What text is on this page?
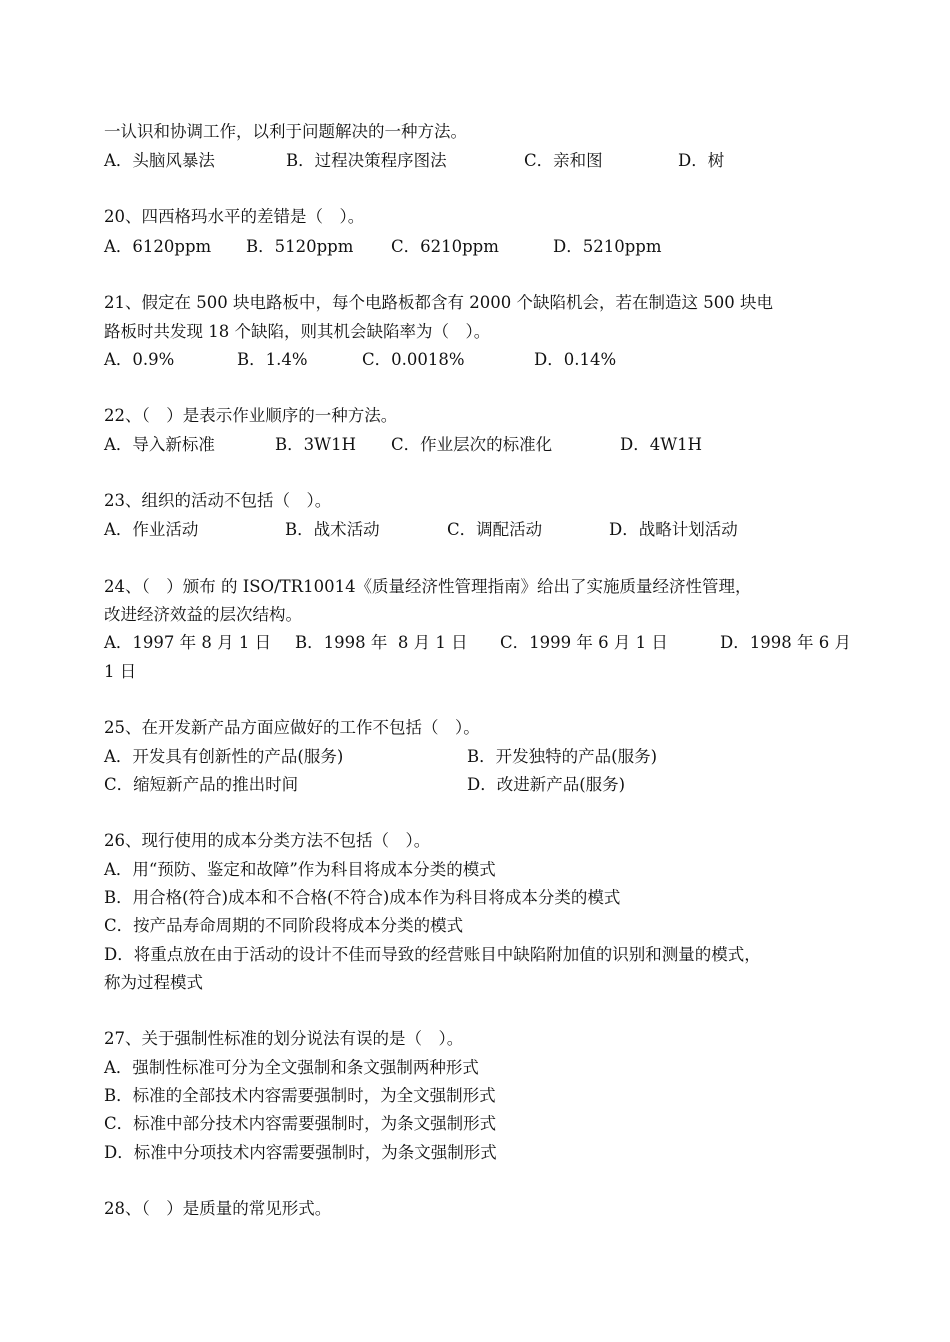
一认识和协调工作，以利于问题解决的一种方法。
A．头脑风暴法	B．过程决策程序图法	C．亲和图	D．树
20、四西格玛水平的差错是（　）。
A．6120ppm B．5120ppm C．6210ppm	D．5210ppm
21、假定在 500 块电路板中，每个电路板都含有 2000 个缺陷机会，若在制造这 500 块电
路板时共发现 18 个缺陷，则其机会缺陷率为（　）。
A．0.9%	B．1.4%	C．0.0018%	D．0.14%
22、（　）是表示作业顺序的一种方法。
A．导入新标准	B．3W1H C．作业层次的标准化	D．4W1H
23、组织的活动不包括（　）。
A．作业活动	B．战术活动	C．调配活动	D．战略计划活动
24、（　）颁布 的 ISO/TR10014《质量经济性管理指南》给出了实施质量经济性管理，
改进经济效益的层次结构。
A．1997 年 8 月 1 日 B．1998 年  8 月 1 日 C．1999 年 6 月 1 日	D．1998 年 6 月
1 日
25、在开发新产品方面应做好的工作不包括（　）。
A．开发具有创新性的产品(服务)	B．开发独特的产品(服务)
C．缩短新产品的推出时间	D．改进新产品(服务)
26、现行使用的成本分类方法不包括（　）。
A．用“预防、鉴定和故障”作为科目将成本分类的模式
B．用合格(符合)成本和不合格(不符合)成本作为科目将成本分类的模式
C．按产品寿命周期的不同阶段将成本分类的模式
D．将重点放在由于活动的设计不佳而导致的经营账目中缺陷附加值的识别和测量的模式，
称为过程模式
27、关于强制性标准的划分说法有误的是（　）。
A．强制性标准可分为全文强制和条文强制两种形式
B．标准的全部技术内容需要强制时，为全文强制形式
C．标准中部分技术内容需要强制时，为条文强制形式
D．标准中分项技术内容需要强制时，为条文强制形式
28、（　）是质量的常见形式。
